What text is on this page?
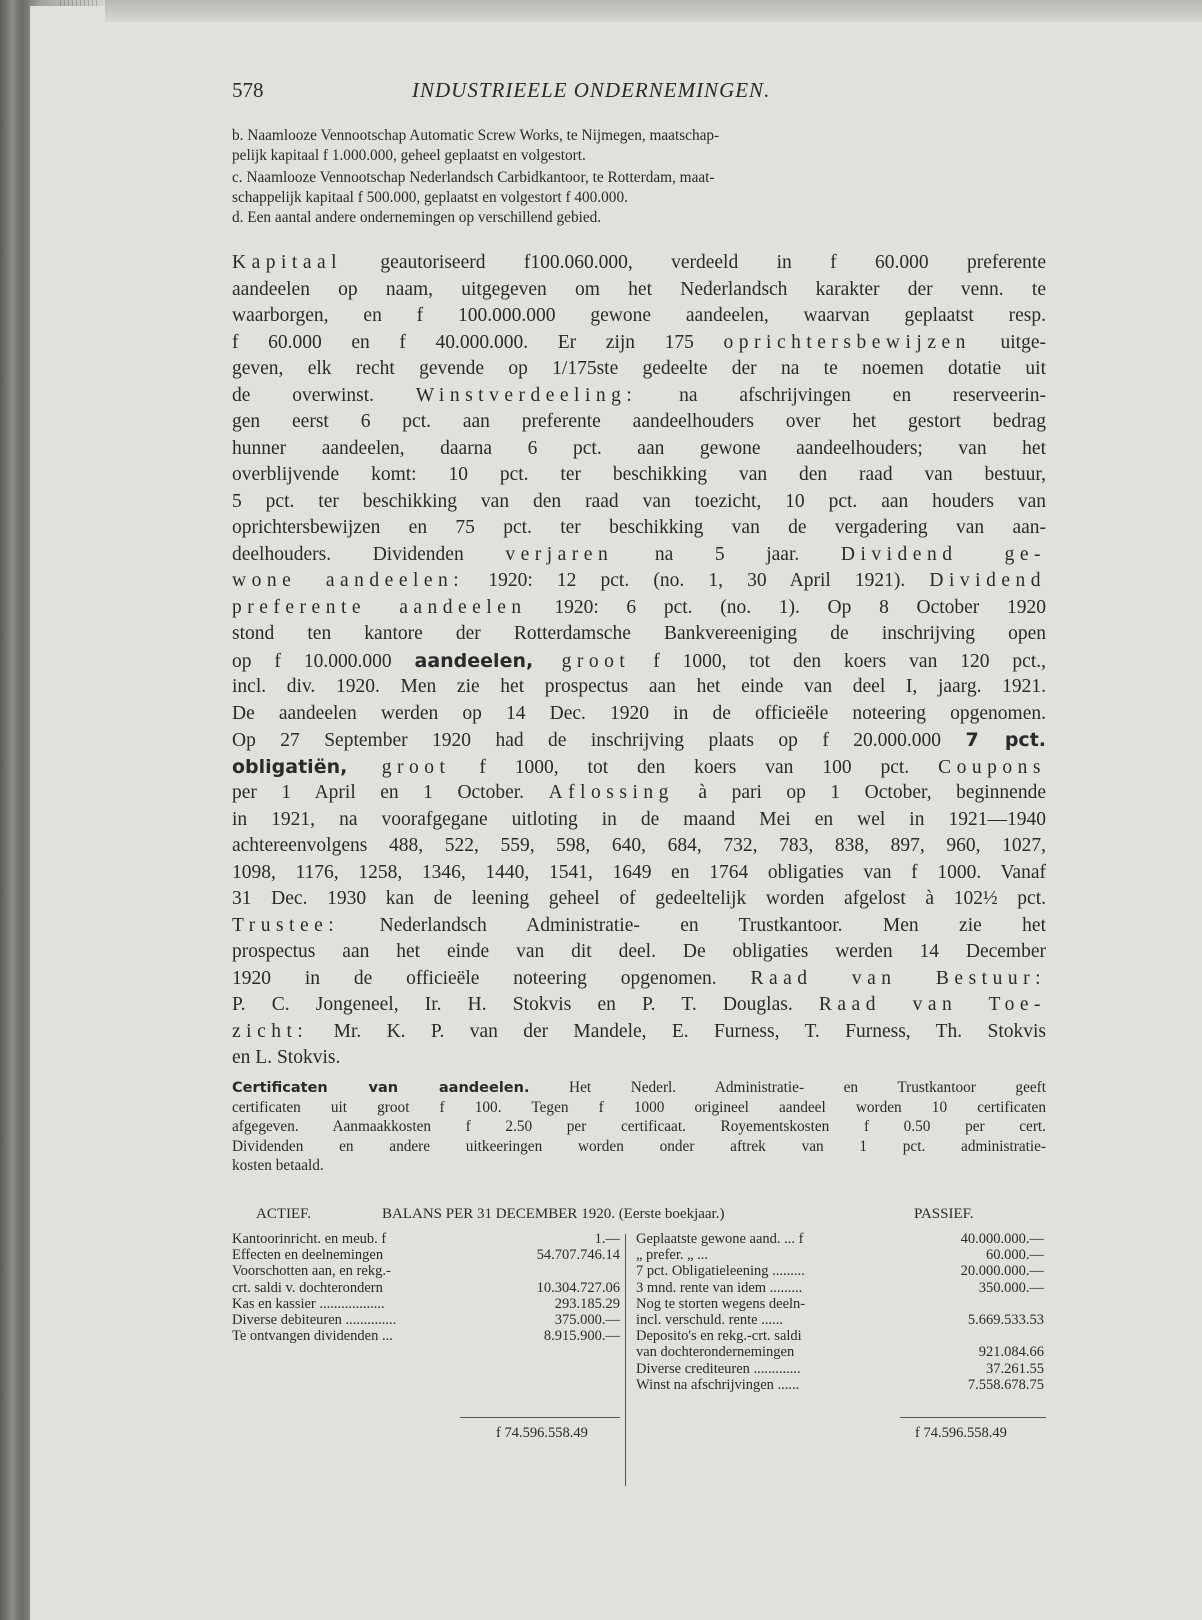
578	INDUSTRIEELE ONDERNEMINGEN.
b. Naamlooze Vennootschap Automatic Screw Works, te Nijmegen, maatschap-
pelijk kapitaal f 1.000.000, geheel geplaatst en volgestort.
c. Naamlooze Vennootschap Nederlandsch Carbidkantoor, te Rotterdam, maat-
schappelijk kapitaal f 500.000, geplaatst en volgestort f 400.000.
d. Een aantal andere ondernemingen op verschillend gebied.
Kapitaal geautoriseerd f100.060.000, verdeeld in f 60.000 preferente
aandeelen op naam, uitgegeven om het Nederlandsch karakter der venn. te
waarborgen, en f 100.000.000 gewone aandeelen, waarvan geplaatst resp.
f 60.000 en f 40.000.000. Er zijn 175 oprichtersbewijzen uitge-
geven, elk recht gevende op 1/175ste gedeelte der na te noemen dotatie uit
de overwinst. Winstverdeeling: na afschrijvingen en reserveerin-
gen eerst 6 pct. aan preferente aandeelhouders over het gestort bedrag
hunner aandeelen, daarna 6 pct. aan gewone aandeelhouders; van het
overblijvende komt: 10 pct. ter beschikking van den raad van bestuur,
5 pct. ter beschikking van den raad van toezicht, 10 pct. aan houders van
oprichtersbewijzen en 75 pct. ter beschikking van de vergadering van aan-
deelhouders. Dividenden verjaren na 5 jaar. Dividend ge-
wone aandeelen: 1920: 12 pct. (no. 1, 30 April 1921). Dividend
preferente aandeelen 1920: 6 pct. (no. 1). Op 8 October 1920
stond ten kantore der Rotterdamsche Bankvereeniging de inschrijving open
op f 10.000.000 aandeelen, groot f 1000, tot den koers van 120 pct.,
incl. div. 1920. Men zie het prospectus aan het einde van deel I, jaarg. 1921.
De aandeelen werden op 14 Dec. 1920 in de officieële noteering opgenomen.
Op 27 September 1920 had de inschrijving plaats op f 20.000.000 7 pct.
obligatiën, groot f 1000, tot den koers van 100 pct. Coupons
per 1 April en 1 October. Aflossing à pari op 1 October, beginnende
in 1921, na voorafgegane uitloting in de maand Mei en wel in 1921—1940
achtereenvolgens 488, 522, 559, 598, 640, 684, 732, 783, 838, 897, 960, 1027,
1098, 1176, 1258, 1346, 1440, 1541, 1649 en 1764 obligaties van f 1000. Vanaf
31 Dec. 1930 kan de leening geheel of gedeeltelijk worden afgelost à 102½ pct.
Trustee: Nederlandsch Administratie- en Trustkantoor. Men zie het
prospectus aan het einde van dit deel. De obligaties werden 14 December
1920 in de officieële noteering opgenomen. Raad van Bestuur:
P. C. Jongeneel, Ir. H. Stokvis en P. T. Douglas. Raad van Toe-
zicht: Mr. K. P. van der Mandele, E. Furness, T. Furness, Th. Stokvis
en L. Stokvis.
Certificaten van aandeelen. Het Nederl. Administratie- en Trustkantoor geeft
certificaten uit groot f 100. Tegen f 1000 origineel aandeel worden 10 certificaten
afgegeven. Aanmaakkosten f 2.50 per certificaat. Royementskosten f 0.50 per cert.
Dividenden en andere uitkeeringen worden onder aftrek van 1 pct. administratie-
kosten betaald.
ACTIEF.	BALANS PER 31 DECEMBER 1920. (Eerste boekjaar.)	PASSIEF.
Kantoorinricht. en meub. f	1.—
Effecten en deelnemingen	54.707.746.14
Voorschotten aan, en rekg.-
crt. saldi v. dochterondern	10.304.727.06
Kas en kassier ..................	293.185.29
Diverse debiteuren ..............	375.000.—
Te ontvangen dividenden ...	8.915.900.—
Geplaatste gewone aand. ... f	40.000.000.—
„ prefer. „ ...	60.000.—
7 pct. Obligatieleening .........	20.000.000.—
3 mnd. rente van idem .........	350.000.—
Nog te storten wegens deeln-
incl. verschuld. rente ......	5.669.533.53
Deposito's en rekg.-crt. saldi
van dochterondernemingen	921.084.66
Diverse crediteuren .............	37.261.55
Winst na afschrijvingen ......	7.558.678.75
f 74.596.558.49	f 74.596.558.49
